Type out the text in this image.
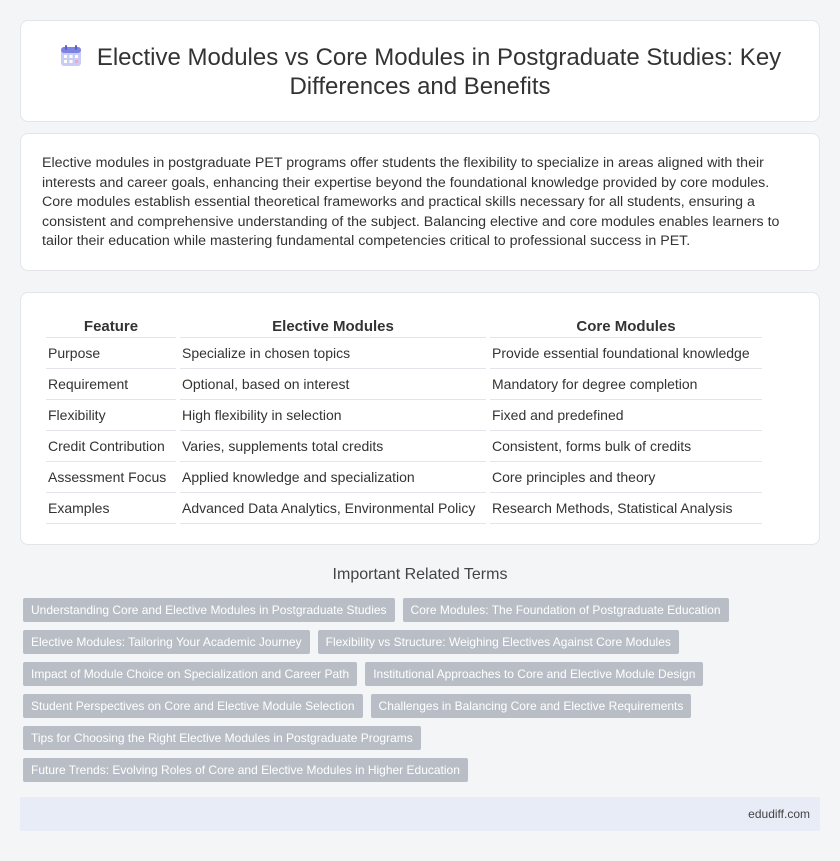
Elective Modules vs Core Modules in Postgraduate Studies: Key
Differences and Benefits
Elective modules in postgraduate PET programs offer students the flexibility to specialize in areas aligned with their interests and career goals, enhancing their expertise beyond the foundational knowledge provided by core modules. Core modules establish essential theoretical frameworks and practical skills necessary for all students, ensuring a consistent and comprehensive understanding of the subject. Balancing elective and core modules enables learners to tailor their education while mastering fundamental competencies critical to professional success in PET.
Feature	Elective Modules	Core Modules
Purpose	Specialize in chosen topics	Provide essential foundational knowledge
Requirement	Optional, based on interest	Mandatory for degree completion
Flexibility	High flexibility in selection	Fixed and predefined
Credit Contribution	Varies, supplements total credits	Consistent, forms bulk of credits
Assessment Focus	Applied knowledge and specialization	Core principles and theory
Examples	Advanced Data Analytics, Environmental Policy	Research Methods, Statistical Analysis
Important Related Terms
Understanding Core and Elective Modules in Postgraduate Studies Core Modules: The Foundation of Postgraduate Education
Elective Modules: Tailoring Your Academic Journey Flexibility vs Structure: Weighing Electives Against Core Modules
Impact of Module Choice on Specialization and Career Path Institutional Approaches to Core and Elective Module Design
Student Perspectives on Core and Elective Module Selection Challenges in Balancing Core and Elective Requirements
Tips for Choosing the Right Elective Modules in Postgraduate Programs
Future Trends: Evolving Roles of Core and Elective Modules in Higher Education
edudiff.com
